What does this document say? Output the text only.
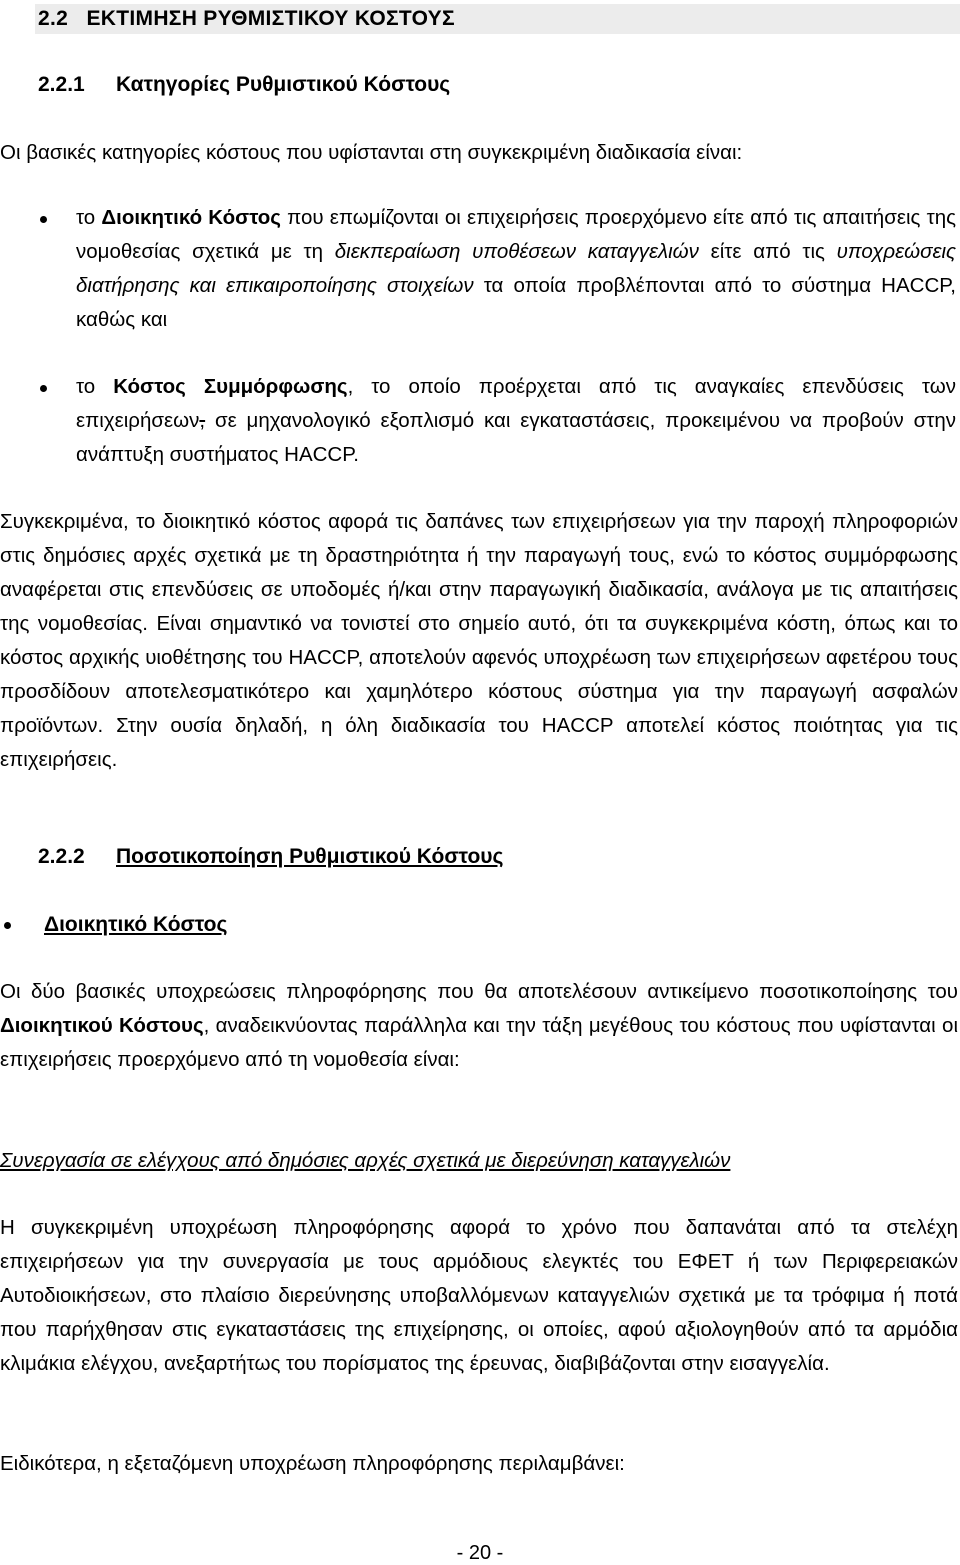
2.2 ΕΚΤΙΜΗΣΗ ΡΥΘΜΙΣΤΙΚΟΥ ΚΟΣΤΟΥΣ
2.2.1 Κατηγορίες Ρυθμιστικού Κόστους

Οι βασικές κατηγορίες κόστους που υφίστανται στη συγκεκριμένη διαδικασία είναι:

το Διοικητικό Κόστος που επωμίζονται οι επιχειρήσεις προερχόμενο είτε από τις απαιτήσεις της νομοθεσίας σχετικά με τη διεκπεραίωση υποθέσεων καταγγελιών είτε από τις υποχρεώσεις διατήρησης και επικαιροποίησης στοιχείων τα οποία προβλέπονται από το σύστημα HACCP, καθώς και

το Κόστος Συμμόρφωσης, το οποίο προέρχεται από τις αναγκαίες επενδύσεις των επιχειρήσεων, σε μηχανολογικό εξοπλισμό και εγκαταστάσεις, προκειμένου να προβούν στην ανάπτυξη συστήματος HACCP.

Συγκεκριμένα, το διοικητικό κόστος αφορά τις δαπάνες των επιχειρήσεων για την παροχή πληροφοριών στις δημόσιες αρχές σχετικά με τη δραστηριότητα ή την παραγωγή τους, ενώ το κόστος συμμόρφωσης αναφέρεται στις επενδύσεις σε υποδομές ή/και στην παραγωγική διαδικασία, ανάλογα με τις απαιτήσεις της νομοθεσίας. Είναι σημαντικό να τονιστεί στο σημείο αυτό, ότι τα συγκεκριμένα κόστη, όπως και το κόστος αρχικής υιοθέτησης του HACCP, αποτελούν αφενός υποχρέωση των επιχειρήσεων αφετέρου τους προσδίδουν αποτελεσματικότερο και χαμηλότερο κόστους σύστημα για την παραγωγή ασφαλών προϊόντων. Στην ουσία δηλαδή, η όλη διαδικασία του HACCP αποτελεί κόστος ποιότητας για τις επιχειρήσεις.

2.2.2 Ποσοτικοποίηση Ρυθμιστικού Κόστους

Διοικητικό Κόστος

Οι δύο βασικές υποχρεώσεις πληροφόρησης που θα αποτελέσουν αντικείμενο ποσοτικοποίησης του Διοικητικού Κόστους, αναδεικνύοντας παράλληλα και την τάξη μεγέθους του κόστους που υφίστανται οι επιχειρήσεις προερχόμενο από τη νομοθεσία είναι:

Συνεργασία σε ελέγχους από δημόσιες αρχές σχετικά με διερεύνηση καταγγελιών

Η συγκεκριμένη υποχρέωση πληροφόρησης αφορά το χρόνο που δαπανάται από τα στελέχη επιχειρήσεων για την συνεργασία με τους αρμόδιους ελεγκτές του ΕΦΕΤ ή των Περιφερειακών Αυτοδιοικήσεων, στο πλαίσιο διερεύνησης υποβαλλόμενων καταγγελιών σχετικά με τα τρόφιμα ή ποτά που παρήχθησαν στις εγκαταστάσεις της επιχείρησης, οι οποίες, αφού αξιολογηθούν από τα αρμόδια κλιμάκια ελέγχου, ανεξαρτήτως του πορίσματος της έρευνας, διαβιβάζονται στην εισαγγελία.

Ειδικότερα, η εξεταζόμενη υποχρέωση πληροφόρησης περιλαμβάνει:

- 20 -
